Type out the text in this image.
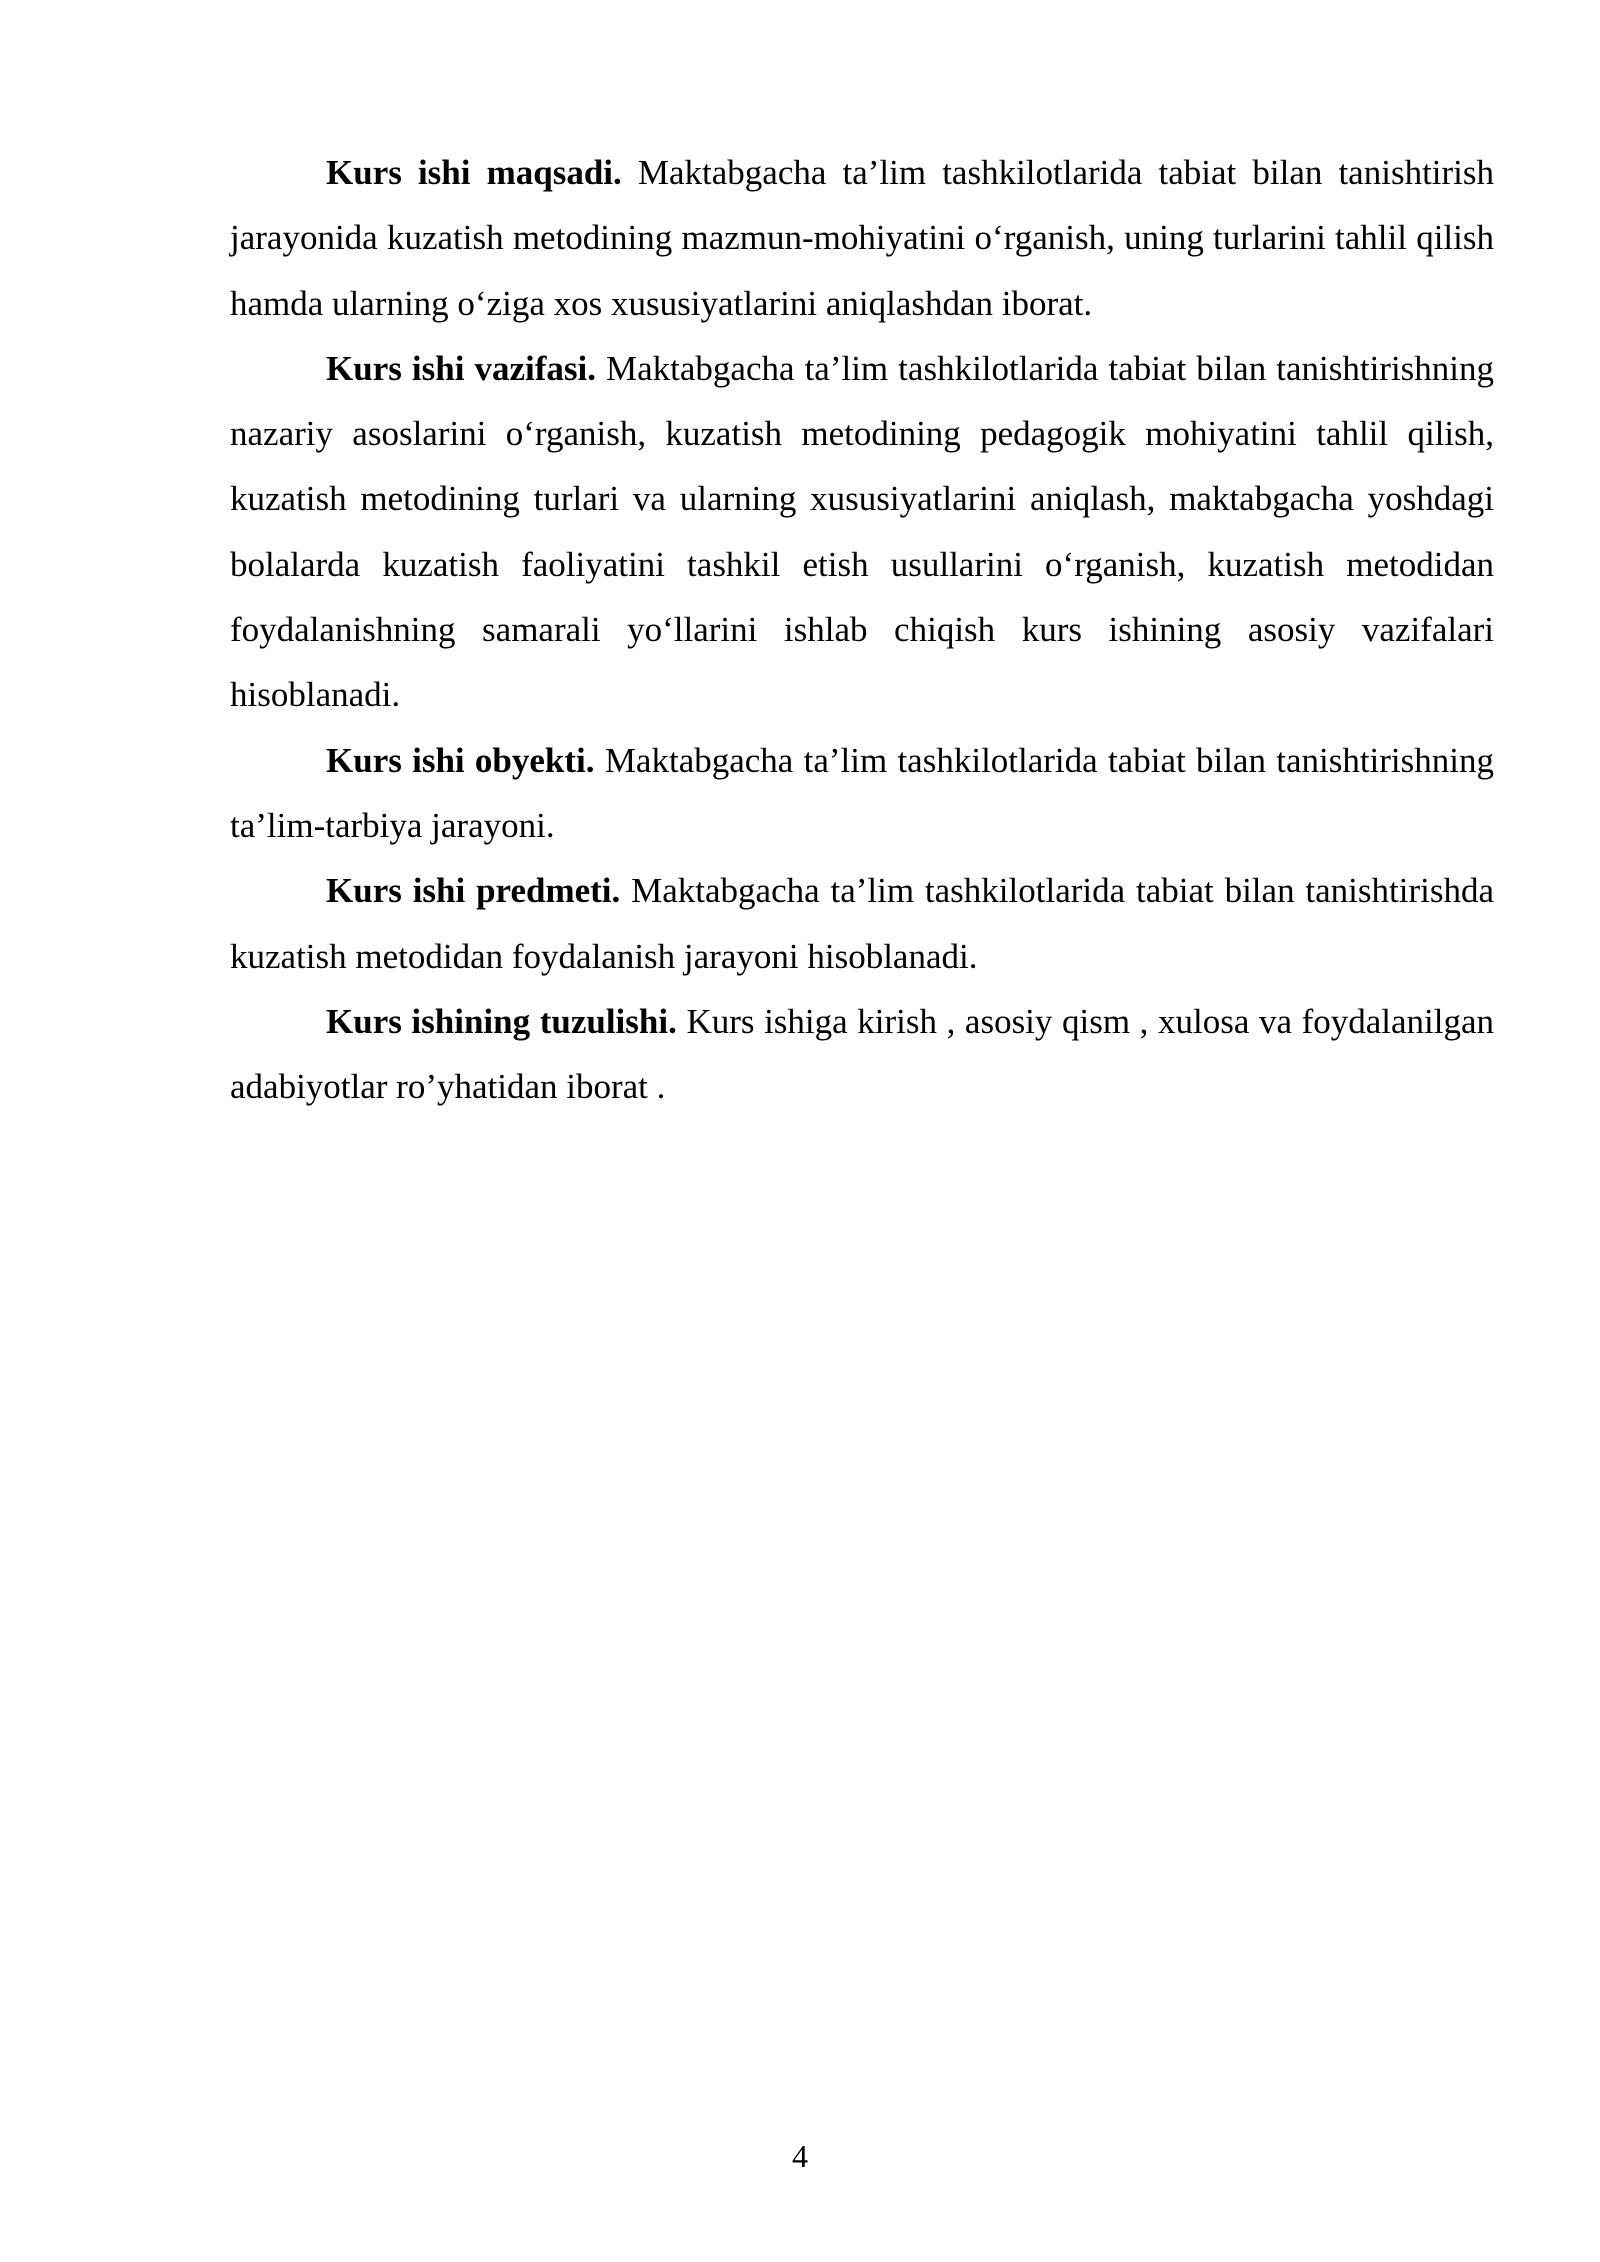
Kurs ishi maqsadi. Maktabgacha ta’lim tashkilotlarida tabiat bilan tanishtirish jarayonida kuzatish metodining mazmun-mohiyatini o‘rganish, uning turlarini tahlil qilish hamda ularning o‘ziga xos xususiyatlarini aniqlashdan iborat.

Kurs ishi vazifasi. Maktabgacha ta’lim tashkilotlarida tabiat bilan tanishtirishning nazariy asoslarini o‘rganish, kuzatish metodining pedagogik mohiyatini tahlil qilish, kuzatish metodining turlari va ularning xususiyatlarini aniqlash, maktabgacha yoshdagi bolalarda kuzatish faoliyatini tashkil etish usullarini o‘rganish, kuzatish metodidan foydalanishning samarali yo‘llarini ishlab chiqish kurs ishining asosiy vazifalari hisoblanadi.

Kurs ishi obyekti. Maktabgacha ta’lim tashkilotlarida tabiat bilan tanishtirishning ta’lim-tarbiya jarayoni.

Kurs ishi predmeti. Maktabgacha ta’lim tashkilotlarida tabiat bilan tanishtirishda kuzatish metodidan foydalanish jarayoni hisoblanadi.

Kurs ishining tuzulishi. Kurs ishiga kirish , asosiy qism , xulosa va foydalanilgan adabiyotlar ro’yhatidan iborat .

4
